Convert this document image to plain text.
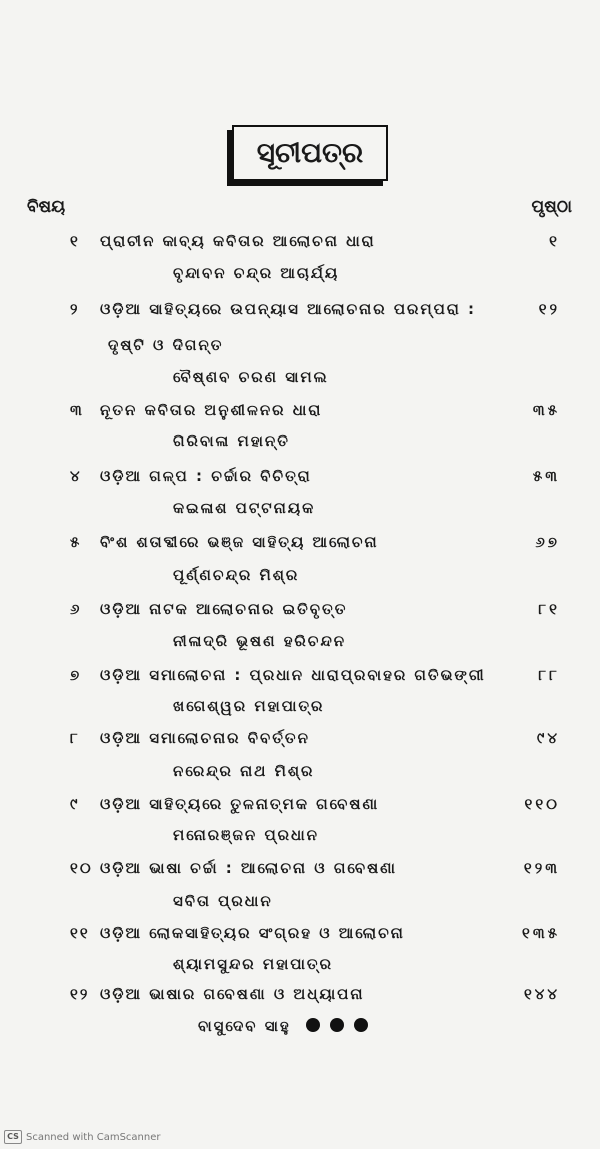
ସୂଚୀପତ୍ର
ବିଷୟ	ପୃଷ୍ଠା
୧ ପ୍ରାଚୀନ କାବ୍ୟ କବିତାର ଆଲୋଚନା ଧାରା	୧
ବୃନ୍ଦାବନ ଚନ୍ଦ୍ର ଆଚାର୍ଯ୍ୟ
୨ ଓଡ଼ିଆ ସାହିତ୍ୟରେ ଉପନ୍ୟାସ ଆଲୋଚନାର ପରମ୍ପରା :	୧୨
ଦୃଷ୍ଟି ଓ ଦିଗନ୍ତ
ବୈଷ୍ଣବ ଚରଣ ସାମଲ
୩ ନୂତନ କବିତାର ଅନୁଶୀଳନର ଧାରା	୩୫
ଗିରିବାଳା ମହାନ୍ତି
୪ ଓଡ଼ିଆ ଗଳ୍ପ : ଚର୍ଚ୍ଚାର ବିଚିତ୍ରା	୫୩
କଇଳାଶ ପଟ୍ଟନାୟକ
୫ ବିଂଶ ଶତାବ୍ଦୀରେ ଭଞ୍ଜ ସାହିତ୍ୟ ଆଲୋଚନା	୬୭
ପୂର୍ଣ୍ଣଚନ୍ଦ୍ର ମିଶ୍ର
୬ ଓଡ଼ିଆ ନାଟକ ଆଲୋଚନାର ଇତିବୃତ୍ତ	୮୧
ନୀଳାଦ୍ରି ଭୂଷଣ ହରିଚନ୍ଦନ
୭ ଓଡ଼ିଆ ସମାଲୋଚନା : ପ୍ରଧାନ ଧାରାପ୍ରବାହର ଗତିଭଙ୍ଗୀ	୮୮
ଖଗେଶ୍ୱର ମହାପାତ୍ର
୮ ଓଡ଼ିଆ ସମାଲୋଚନାର ବିବର୍ତ୍ତନ	୯୪
ନରେନ୍ଦ୍ର ନାଥ ମିଶ୍ର
୯ ଓଡ଼ିଆ ସାହିତ୍ୟରେ ତୁଳନାତ୍ମକ ଗବେଷଣା	୧୧୦
ମନୋରଞ୍ଜନ ପ୍ରଧାନ
୧୦ ଓଡ଼ିଆ ଭାଷା ଚର୍ଚ୍ଚା : ଆଲୋଚନା ଓ ଗବେଷଣା	୧୨୩
ସବିତା ପ୍ରଧାନ
୧୧ ଓଡ଼ିଆ ଲୋକସାହିତ୍ୟର ସଂଗ୍ରହ ଓ ଆଲୋଚନା	୧୩୫
ଶ୍ୟାମସୁନ୍ଦର ମହାପାତ୍ର
୧୨ ଓଡ଼ିଆ ଭାଷାର ଗବେଷଣା ଓ ଅଧ୍ୟାପନା	୧୪୪
ବାସୁଦେବ ସାହୁ
CS Scanned with CamScanner
